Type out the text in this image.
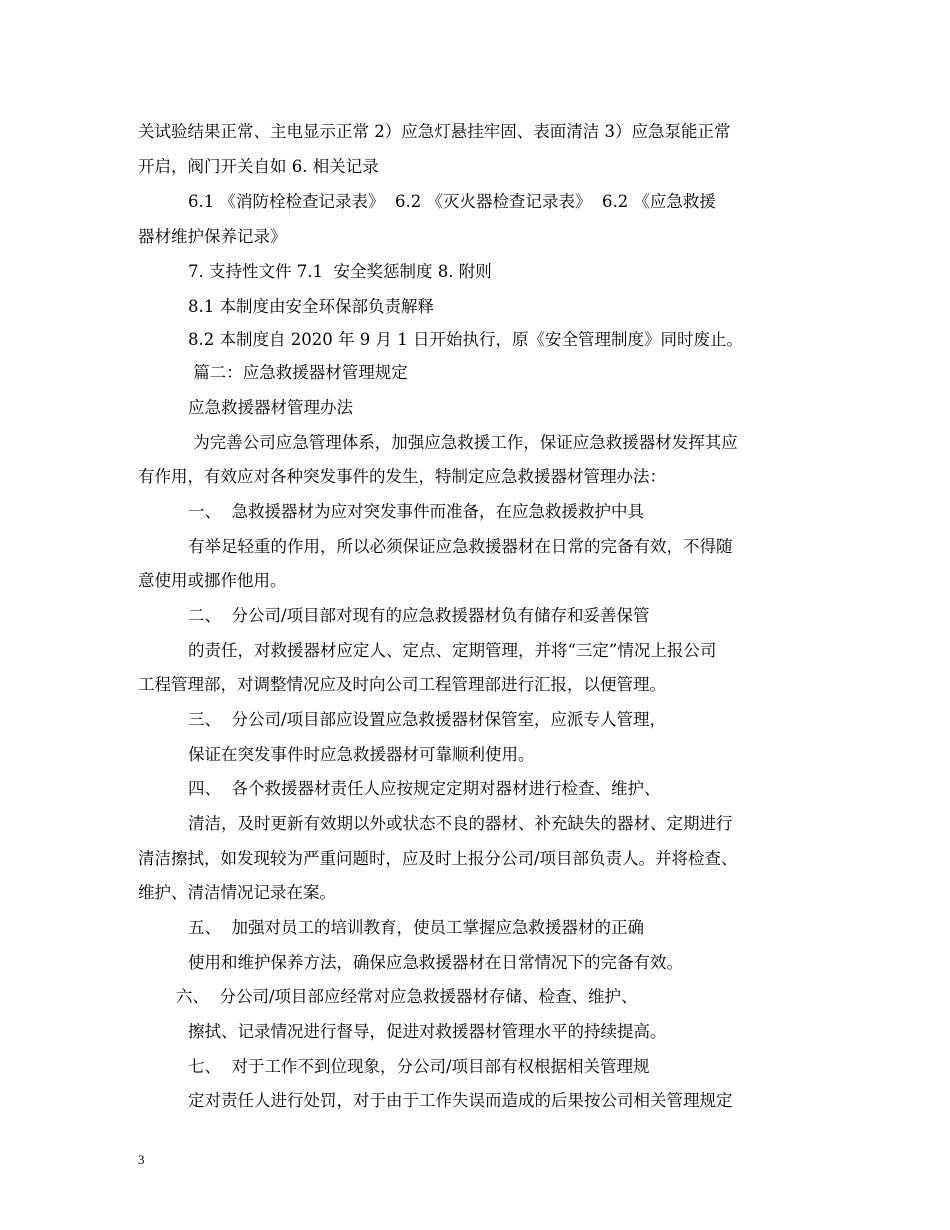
关试验结果正常、主电显示正常 2）应急灯悬挂牢固、表面清洁 3）应急泵能正常
开启，阀门开关自如 6. 相关记录
6.1 《消防栓检查记录表》  6.2 《灭火器检查记录表》  6.2 《应急救援
器材维护保养记录》
7. 支持性文件 7.1  安全奖惩制度 8. 附则
8.1 本制度由安全环保部负责解释
8.2 本制度自 2020 年 9 月 1 日开始执行，原《安全管理制度》同时废止。
篇二：应急救援器材管理规定
应急救援器材管理办法
为完善公司应急管理体系，加强应急救援工作，保证应急救援器材发挥其应
有作用，有效应对各种突发事件的发生，特制定应急救援器材管理办法：
一、  急救援器材为应对突发事件而准备，在应急救援救护中具
有举足轻重的作用，所以必须保证应急救援器材在日常的完备有效，不得随
意使用或挪作他用。
二、  分公司/项目部对现有的应急救援器材负有储存和妥善保管
的责任，对救援器材应定人、定点、定期管理，并将“三定”情况上报公司
工程管理部，对调整情况应及时向公司工程管理部进行汇报，以便管理。
三、  分公司/项目部应设置应急救援器材保管室，应派专人管理，
保证在突发事件时应急救援器材可靠顺利使用。
四、  各个救援器材责任人应按规定定期对器材进行检查、维护、
清洁，及时更新有效期以外或状态不良的器材、补充缺失的器材、定期进行
清洁擦拭，如发现较为严重问题时，应及时上报分公司/项目部负责人。并将检查、
维护、清洁情况记录在案。
五、  加强对员工的培训教育，使员工掌握应急救援器材的正确
使用和维护保养方法，确保应急救援器材在日常情况下的完备有效。
六、  分公司/项目部应经常对应急救援器材存储、检查、维护、
擦拭、记录情况进行督导，促进对救援器材管理水平的持续提高。
七、  对于工作不到位现象，分公司/项目部有权根据相关管理规
定对责任人进行处罚，对于由于工作失误而造成的后果按公司相关管理规定
3
